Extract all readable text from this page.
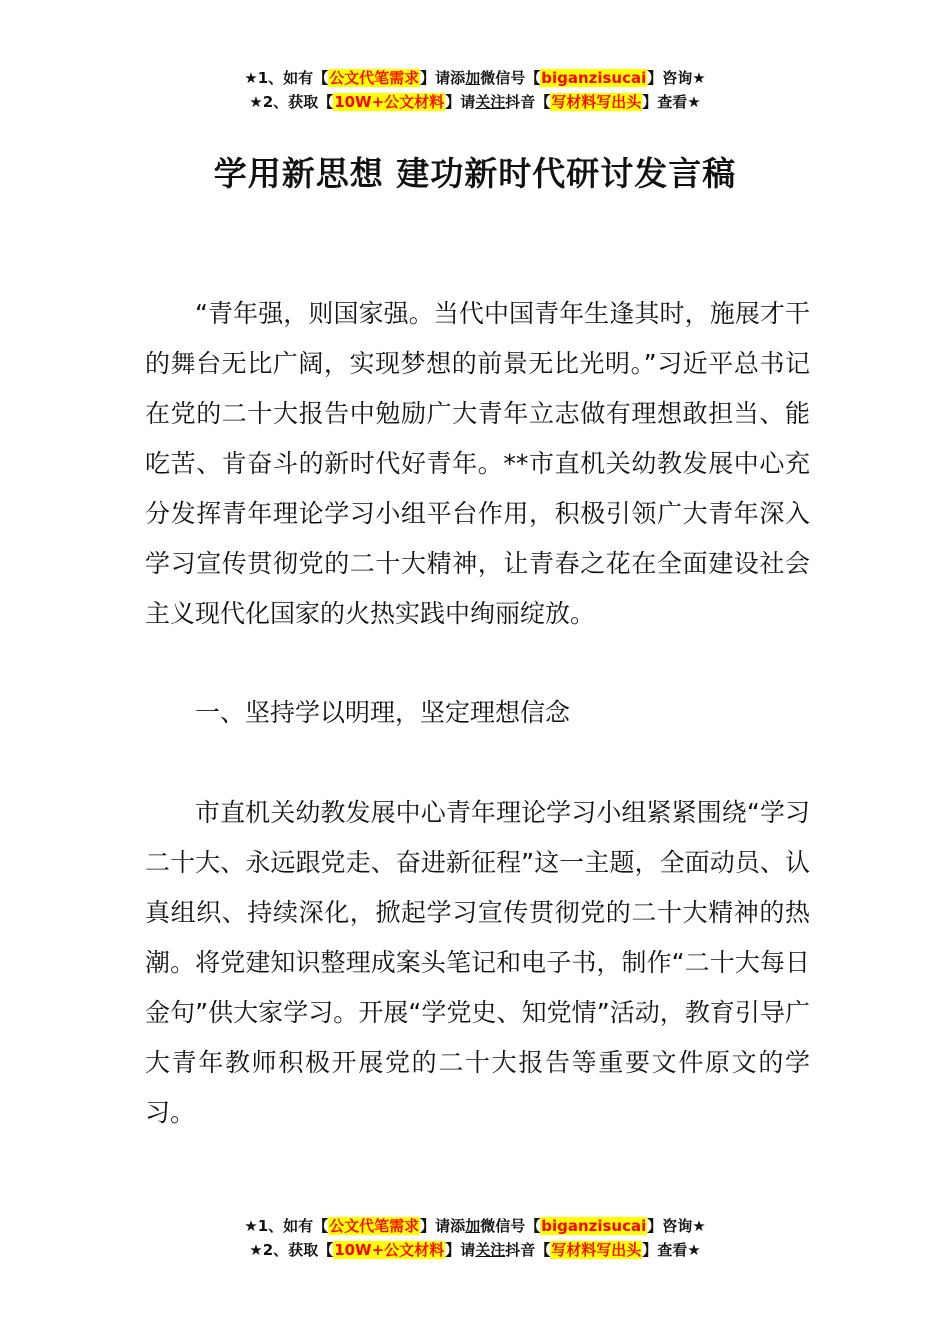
★1、如有【公文代笔需求】请添加微信号【biganzisucai】咨询★
★2、获取【10W+公文材料】请关注抖音【写材料写出头】查看★
学用新思想 建功新时代研讨发言稿

“青年强，则国家强。当代中国青年生逢其时，施展才干的舞台无比广阔，实现梦想的前景无比光明。”习近平总书记在党的二十大报告中勉励广大青年立志做有理想敢担当、能吃苦、肯奋斗的新时代好青年。**市直机关幼教发展中心充分发挥青年理论学习小组平台作用，积极引领广大青年深入学习宣传贯彻党的二十大精神，让青春之花在全面建设社会主义现代化国家的火热实践中绚丽绽放。

一、坚持学以明理，坚定理想信念

市直机关幼教发展中心青年理论学习小组紧紧围绕“学习二十大、永远跟党走、奋进新征程”这一主题，全面动员、认真组织、持续深化，掀起学习宣传贯彻党的二十大精神的热潮。将党建知识整理成案头笔记和电子书，制作“二十大每日金句”供大家学习。开展“学党史、知党情”活动，教育引导广大青年教师积极开展党的二十大报告等重要文件原文的学习。

★1、如有【公文代笔需求】请添加微信号【biganzisucai】咨询★
★2、获取【10W+公文材料】请关注抖音【写材料写出头】查看★
